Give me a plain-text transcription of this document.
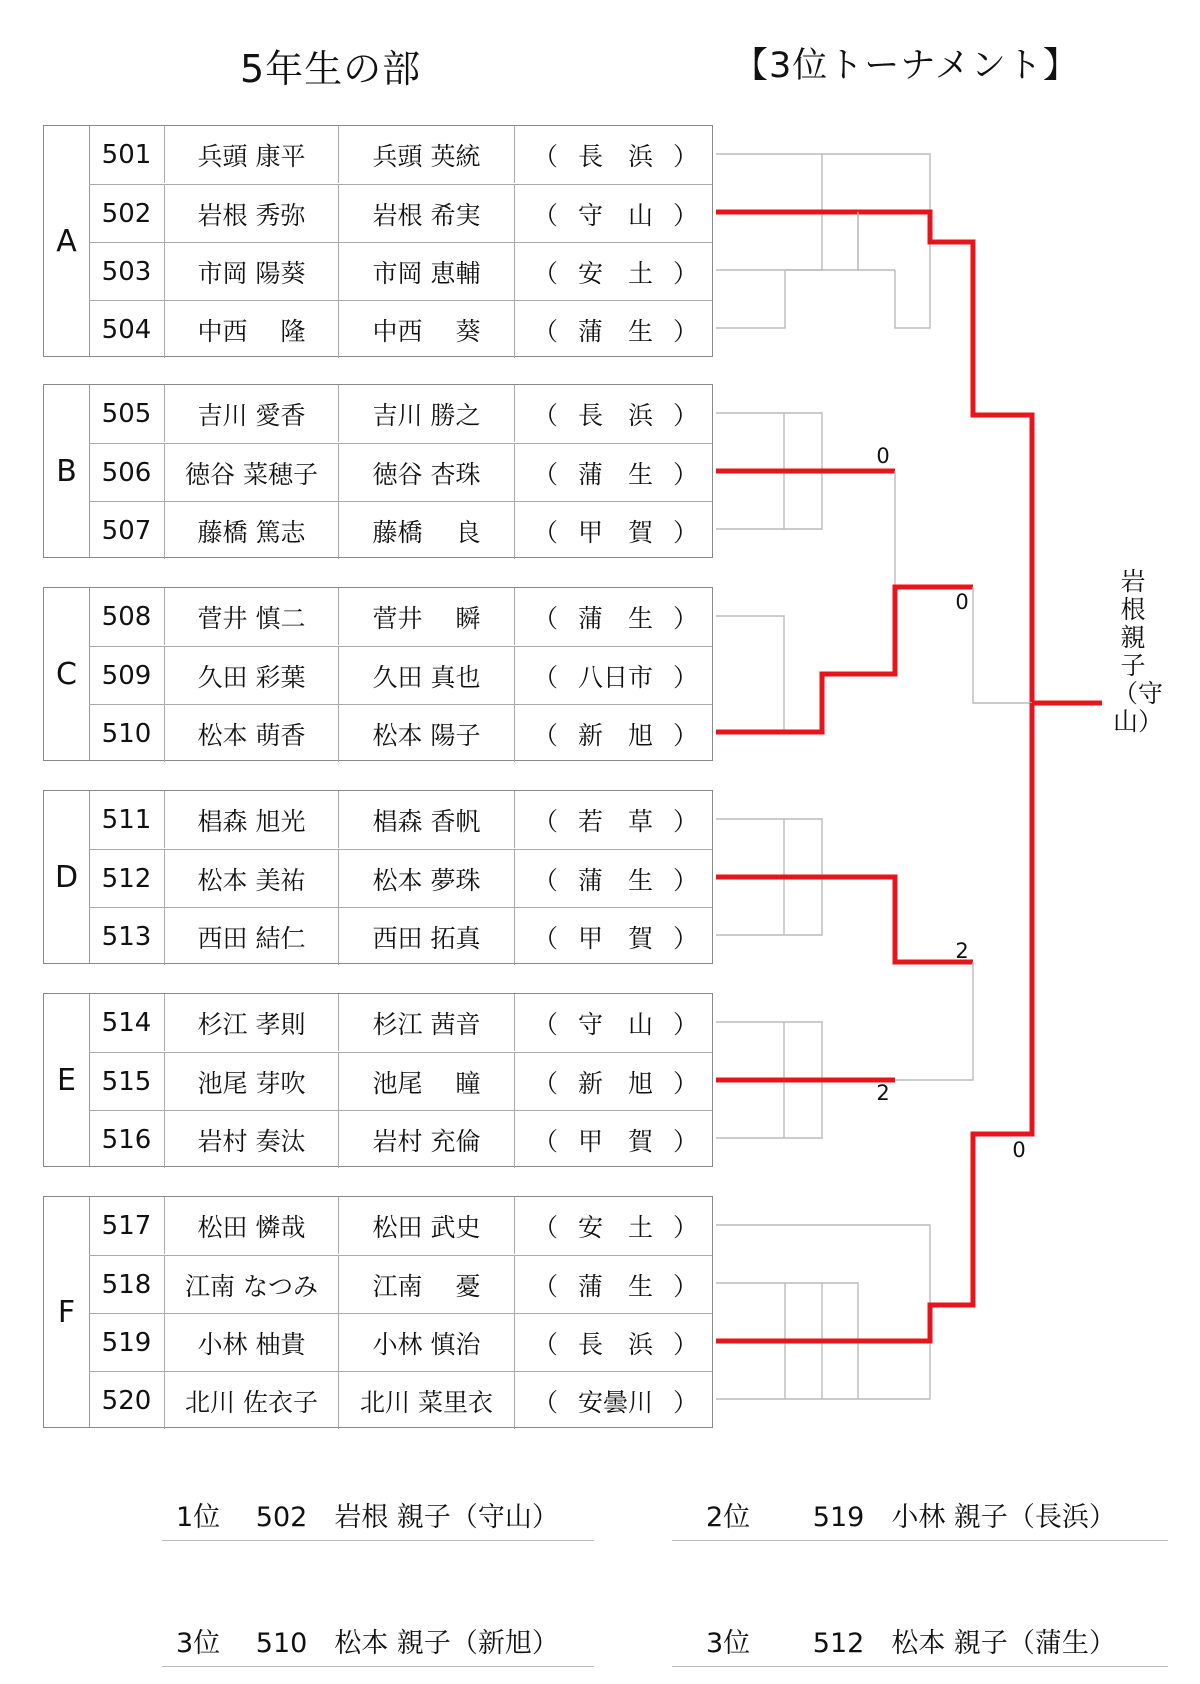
5年生の部	【3位トーナメント】
A
501	兵頭 康平	兵頭 英統	（ 長　浜 ）
502	岩根 秀弥	岩根 希実	（ 守　山 ）
503	市岡 陽葵	市岡 恵輔	（ 安　土 ）
504	中西　 隆	中西　 葵	（ 蒲　生 ）
B
505	吉川 愛香	吉川 勝之	（ 長　浜 ）
506	徳谷 菜穂子	徳谷 杏珠	（ 蒲　生 ）
507	藤橋 篤志	藤橋　 良	（ 甲　賀 ）
C
508	菅井 慎二	菅井　 瞬	（ 蒲　生 ）
509	久田 彩葉	久田 真也	（ 八日市 ）
510	松本 萌香	松本 陽子	（ 新　旭 ）
D
511	椙森 旭光	椙森 香帆	（ 若　草 ）
512	松本 美祐	松本 夢珠	（ 蒲　生 ）
513	西田 結仁	西田 拓真	（ 甲　賀 ）
E
514	杉江 孝則	杉江 茜音	（ 守　山 ）
515	池尾 芽吹	池尾　 瞳	（ 新　旭 ）
516	岩村 奏汰	岩村 充倫	（ 甲　賀 ）
F
517	松田 憐哉	松田 武史	（ 安　土 ）
518	江南 なつみ	江南　 憂	（ 蒲　生 ）
519	小林 柚貴	小林 慎治	（ 長　浜 ）
520	北川 佐衣子	北川 菜里衣	（ 安曇川 ）
0
0
2
2
0
岩根親子（守山）
1位　 502　 岩根 親子（守山）	2位　　 519　 小林 親子（長浜）
3位　 510　 松本 親子（新旭）	3位　　 512　 松本 親子（蒲生）
